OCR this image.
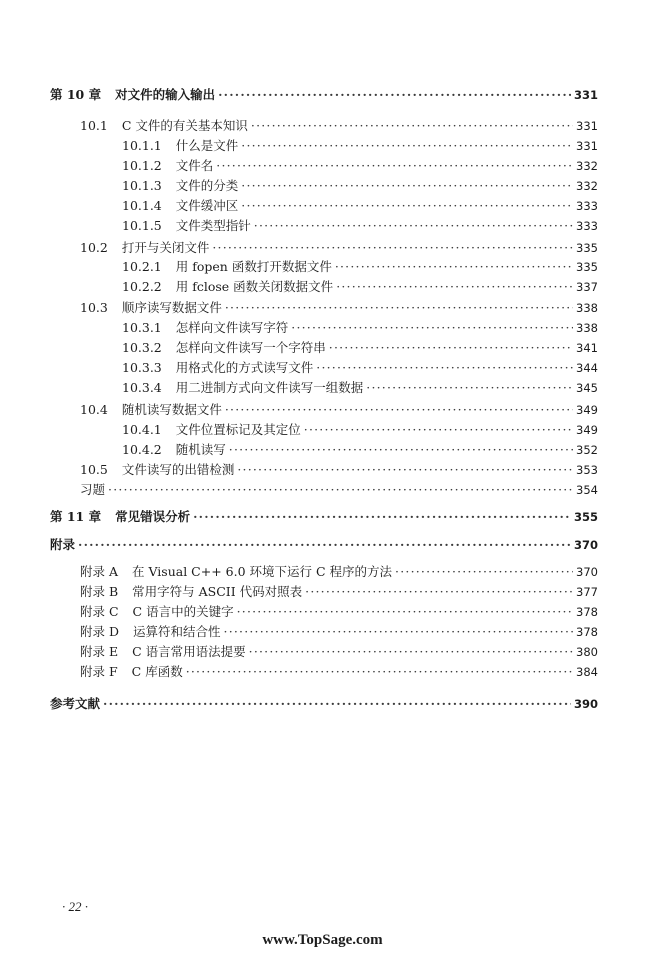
第 10 章 对文件的输入输出 ·····	331
10.1 C 文件的有关基本知识 ·····	331
10.1.1 什么是文件 ·····	331
10.1.2 文件名 ·····	332
10.1.3 文件的分类 ·····	332
10.1.4 文件缓冲区 ·····	333
10.1.5 文件类型指针 ·····	333
10.2 打开与关闭文件 ·····	335
10.2.1 用 fopen 函数打开数据文件 ·····	335
10.2.2 用 fclose 函数关闭数据文件 ·····	337
10.3 顺序读写数据文件 ·····	338
10.3.1 怎样向文件读写字符 ·····	338
10.3.2 怎样向文件读写一个字符串 ·····	341
10.3.3 用格式化的方式读写文件 ·····	344
10.3.4 用二进制方式向文件读写一组数据 ·····	345
10.4 随机读写数据文件 ·····	349
10.4.1 文件位置标记及其定位 ·····	349
10.4.2 随机读写 ·····	352
10.5 文件读写的出错检测 ·····	353
习题 ·····	354
第 11 章 常见错误分析 ·····	355
附录 ·····	370
附录 A 在 Visual C++ 6.0 环境下运行 C 程序的方法 ·····	370
附录 B 常用字符与 ASCII 代码对照表 ·····	377
附录 C C 语言中的关键字 ·····	378
附录 D 运算符和结合性 ·····	378
附录 E C 语言常用语法提要 ·····	380
附录 F C 库函数 ·····	384
参考文献 ·····	390
· 22 ·
www.TopSage.com
